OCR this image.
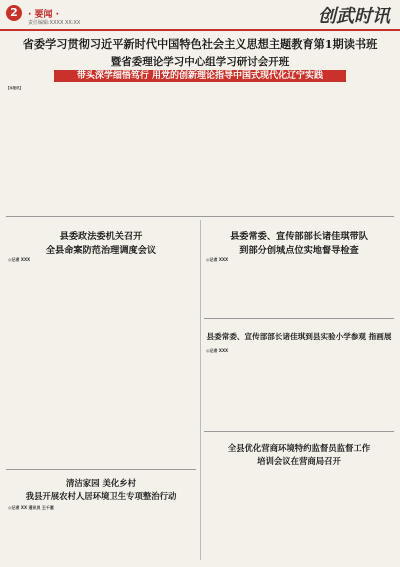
2	· 要闻 ·
责任编辑:XXXX XX:XX	创武时讯
省委学习贯彻习近平新时代中国特色社会主义思想主题教育第1期读书班
暨省委理论学习中心组学习研讨会开班
带头深学细悟笃行 用党的创新理论指导中国式现代化辽宁实践
【本报讯】
县委政法委机关召开
全县命案防范治理调度会议
◎记者 XXX
县委常委、宣传部部长诸佳琪带队
到部分创城点位实地督导检查
◎记者 XXX
县委常委、宣传部部长诸佳琪到县实验小学参观 指画展
◎记者 XXX
清洁家园 美化乡村
我县开展农村人居环境卫生专项整治行动
◎记者 XX 通讯员 王千惠
全县优化营商环境特约监督员监督工作
培训会议在营商局召开
